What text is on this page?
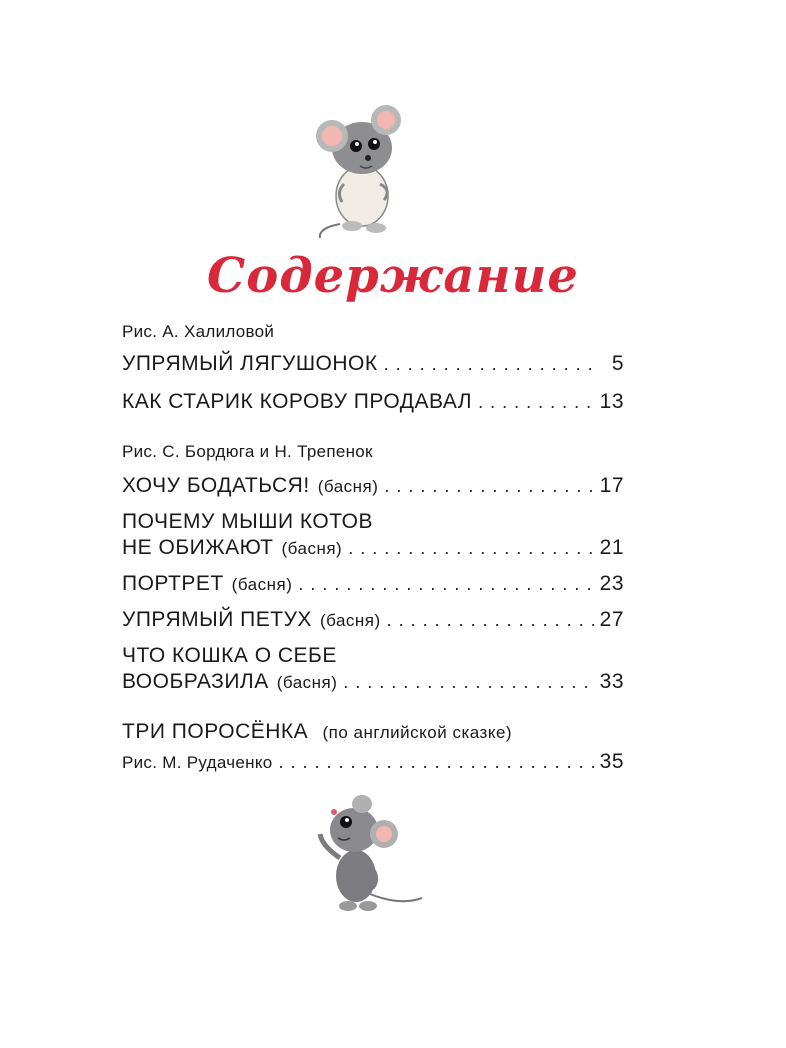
Содержание
Рис. А. Халиловой
УПРЯМЫЙ ЛЯГУШОНОК . . .	5
КАК СТАРИК КОРОВУ ПРОДАВАЛ . . .	13
Рис. С. Бордюга и Н. Трепенок
ХОЧУ БОДАТЬСЯ! (басня) . . .	17
ПОЧЕМУ МЫШИ КОТОВ
НЕ ОБИЖАЮТ (басня) . . .	21
ПОРТРЕТ (басня) . . .	23
УПРЯМЫЙ ПЕТУХ (басня) . . .	27
ЧТО КОШКА О СЕБЕ
ВООБРАЗИЛА (басня) . . .	33
ТРИ ПОРОСЁНКА (по английской сказке)
Рис. М. Рудаченко . . .	35
